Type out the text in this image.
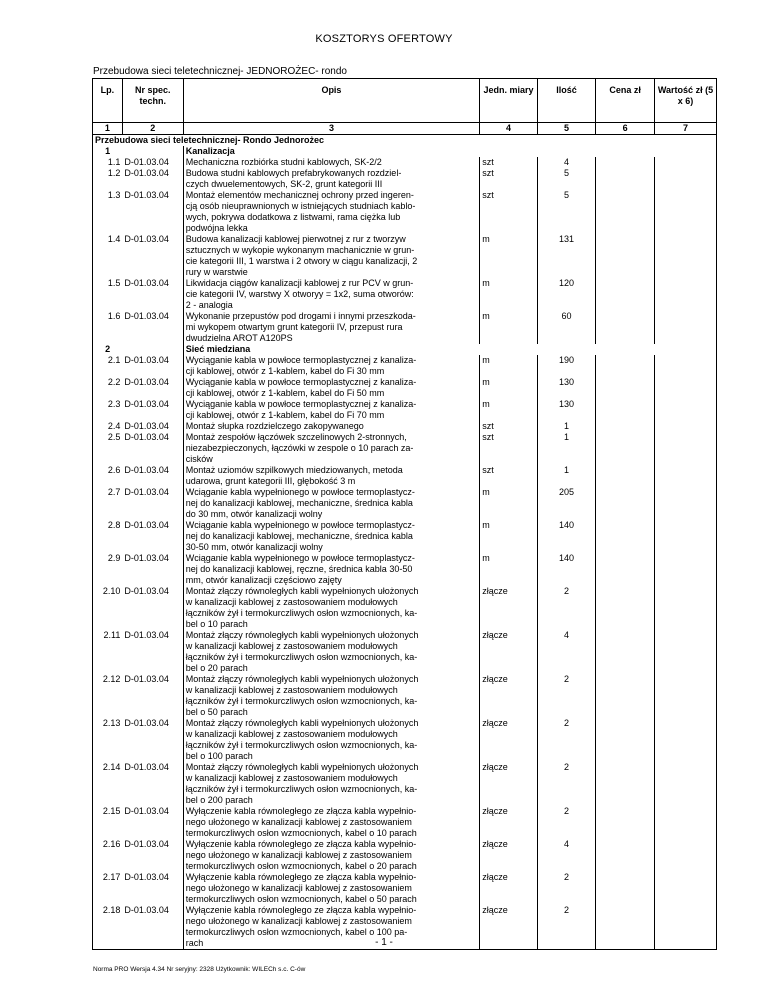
KOSZTORYS OFERTOWY
Przebudowa sieci teletechnicznej- JEDNOROŻEC- rondo
Lp.	Nr spec. techn.	Opis	Jedn. miary	Ilość	Cena zł	Wartość zł (5 x 6)
1	2	3	4	5	6	7
Przebudowa sieci teletechnicznej- Rondo Jednorożec						
1		Kanalizacja				
1.1	D-01.03.04	Mechaniczna rozbiórka studni kablowych, SK-2/2	szt	4		
1.2	D-01.03.04	Budowa studni kablowych prefabrykowanych rozdziel-
czych dwuelementowych, SK-2, grunt kategorii III	szt	5		
1.3	D-01.03.04	Montaż elementów mechanicznej ochrony przed ingeren-
cją osób nieuprawnionych w istniejących studniach kablo-
wych, pokrywa dodatkowa z listwami, rama ciężka lub
podwójna lekka	szt	5		
1.4	D-01.03.04	Budowa kanalizacji kablowej pierwotnej z rur z tworzyw
sztucznych w wykopie wykonanym machanicznie w grun-
cie kategorii III, 1 warstwa i 2 otwory w ciągu kanalizacji, 2
rury w warstwie	m	131		
1.5	D-01.03.04	Likwidacja ciągów kanalizacji kablowej z rur PCV w grun-
cie kategorii IV, warstwy X otworyy = 1x2, suma otworów:
2 - analogia	m	120		
1.6	D-01.03.04	Wykonanie przepustów pod drogami i innymi przeszkoda-
mi wykopem otwartym grunt kategorii IV, przepust rura
dwudzielna AROT A120PS	m	60		
2		Sieć miedziana				
2.1	D-01.03.04	Wyciąganie kabla w powłoce termoplastycznej z kanaliza-
cji kablowej, otwór z 1-kablem, kabel do Fi 30 mm	m	190		
2.2	D-01.03.04	Wyciąganie kabla w powłoce termoplastycznej z kanaliza-
cji kablowej, otwór z 1-kablem, kabel do Fi 50 mm	m	130		
2.3	D-01.03.04	Wyciąganie kabla w powłoce termoplastycznej z kanaliza-
cji kablowej, otwór z 1-kablem, kabel do Fi 70 mm	m	130		
2.4	D-01.03.04	Montaż słupka rozdzielczego zakopywanego	szt	1		
2.5	D-01.03.04	Montaż zespołów łączówek szczelinowych 2-stronnych,
niezabezpieczonych, łączówki w zespole o 10 parach za-
cisków	szt	1		
2.6	D-01.03.04	Montaż uziomów szpilkowych miedziowanych, metoda
udarowa, grunt kategorii III, głębokość 3 m	szt	1		
2.7	D-01.03.04	Wciąganie kabla wypełnionego w powłoce termoplastycz-
nej do kanalizacji kablowej, mechaniczne, średnica kabla
do 30 mm, otwór kanalizacji wolny	m	205		
2.8	D-01.03.04	Wciąganie kabla wypełnionego w powłoce termoplastycz-
nej do kanalizacji kablowej, mechaniczne, średnica kabla
30-50 mm, otwór kanalizacji wolny	m	140		
2.9	D-01.03.04	Wciąganie kabla wypełnionego w powłoce termoplastycz-
nej do kanalizacji kablowej, ręczne, średnica kabla 30-50
mm, otwór kanalizacji częściowo zajęty	m	140		
2.10	D-01.03.04	Montaż złączy równoległych kabli wypełnionych ułożonych
w kanalizacji kablowej z zastosowaniem modułowych
łączników żył i termokurczliwych osłon wzmocnionych, ka-
bel o 10 parach	złącze	2		
2.11	D-01.03.04	Montaż złączy równoległych kabli wypełnionych ułożonych
w kanalizacji kablowej z zastosowaniem modułowych
łączników żył i termokurczliwych osłon wzmocnionych, ka-
bel o 20 parach	złącze	4		
2.12	D-01.03.04	Montaż złączy równoległych kabli wypełnionych ułożonych
w kanalizacji kablowej z zastosowaniem modułowych
łączników żył i termokurczliwych osłon wzmocnionych, ka-
bel o 50 parach	złącze	2		
2.13	D-01.03.04	Montaż złączy równoległych kabli wypełnionych ułożonych
w kanalizacji kablowej z zastosowaniem modułowych
łączników żył i termokurczliwych osłon wzmocnionych, ka-
bel o 100 parach	złącze	2		
2.14	D-01.03.04	Montaż złączy równoległych kabli wypełnionych ułożonych
w kanalizacji kablowej z zastosowaniem modułowych
łączników żył i termokurczliwych osłon wzmocnionych, ka-
bel o 200 parach	złącze	2		
2.15	D-01.03.04	Wyłączenie kabla równoległego ze złącza kabla wypełnio-
nego ułożonego w kanalizacji kablowej z zastosowaniem
termokurczliwych osłon wzmocnionych, kabel o 10 parach	złącze	2		
2.16	D-01.03.04	Wyłączenie kabla równoległego ze złącza kabla wypełnio-
nego ułożonego w kanalizacji kablowej z zastosowaniem
termokurczliwych osłon wzmocnionych, kabel o 20 parach	złącze	4		
2.17	D-01.03.04	Wyłączenie kabla równoległego ze złącza kabla wypełnio-
nego ułożonego w kanalizacji kablowej z zastosowaniem
termokurczliwych osłon wzmocnionych, kabel o 50 parach	złącze	2		
2.18	D-01.03.04	Wyłączenie kabla równoległego ze złącza kabla wypełnio-
nego ułożonego w kanalizacji kablowej z zastosowaniem
termokurczliwych osłon wzmocnionych, kabel o 100 pa-
rach	złącze	2		
- 1 -
Norma PRO Wersja 4.34 Nr seryjny: 2328 Użytkownik: WILECh s.c. C-ów
